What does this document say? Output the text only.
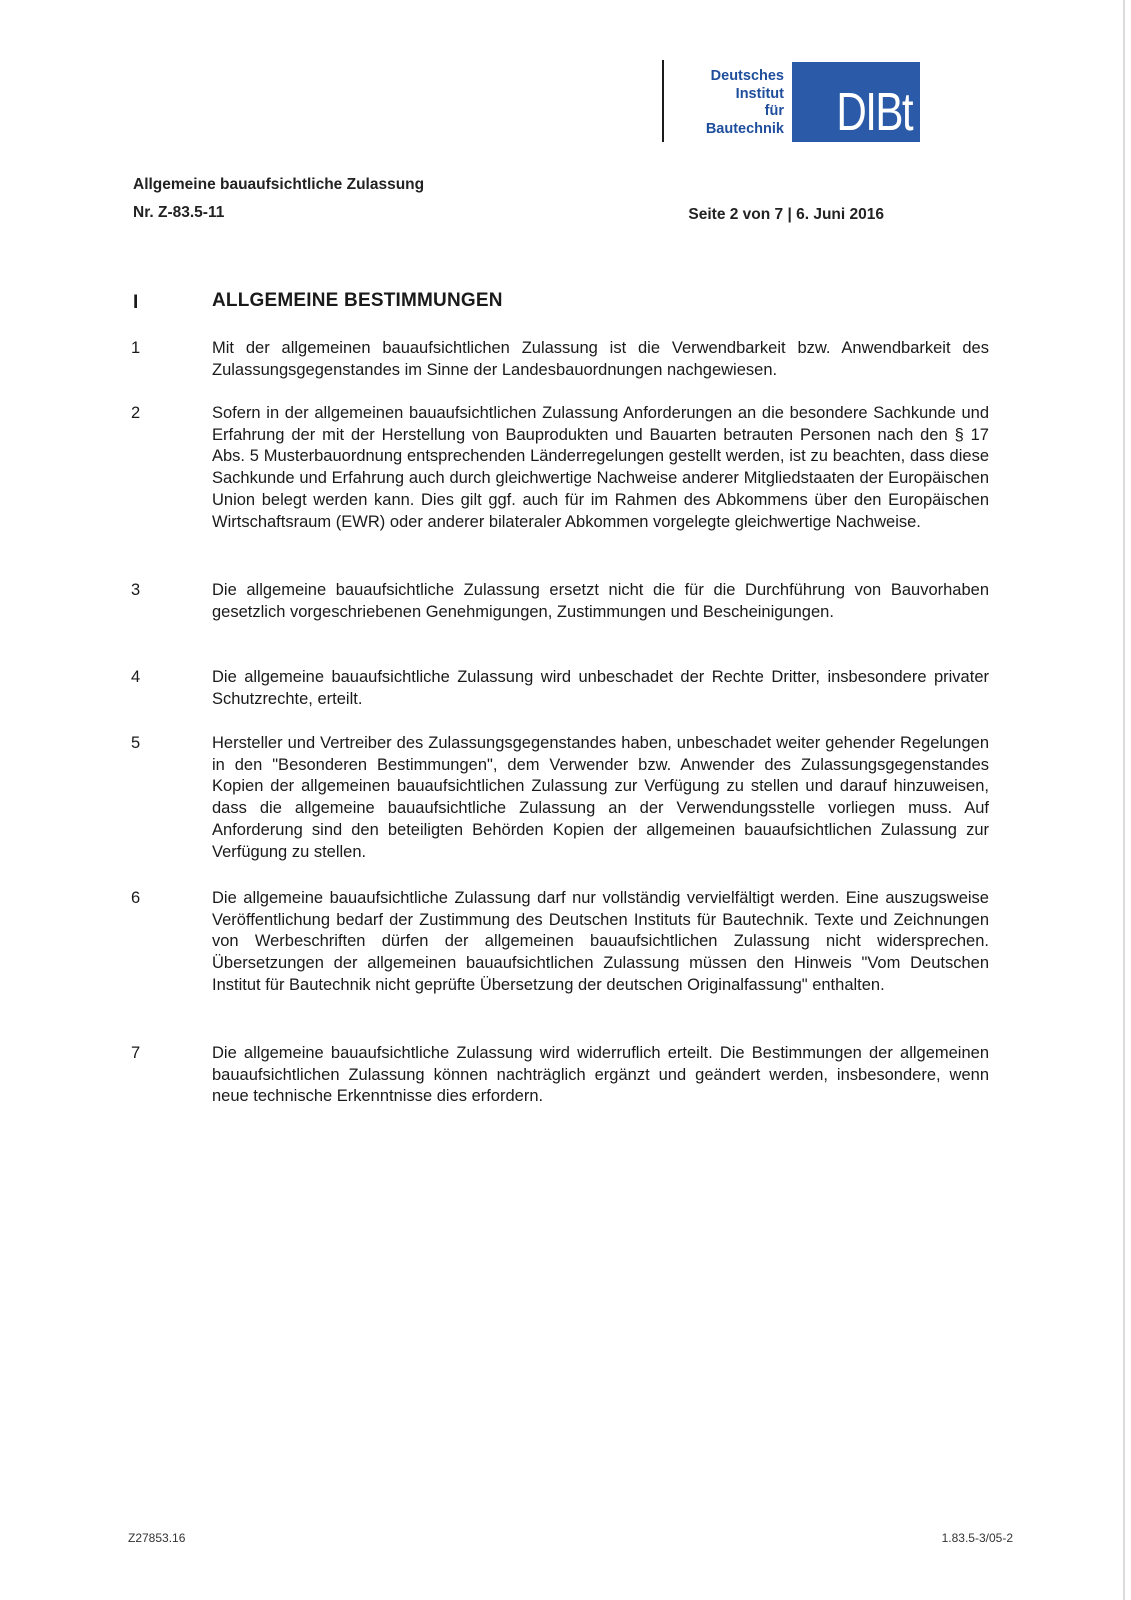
Deutsches
Institut
für
Bautechnik DIBt
Allgemeine bauaufsichtliche Zulassung
Nr. Z-83.5-11	Seite 2 von 7 | 6. Juni 2016
I	ALLGEMEINE BESTIMMUNGEN
1	Mit der allgemeinen bauaufsichtlichen Zulassung ist die Verwendbarkeit bzw. Anwendbarkeit des Zulassungsgegenstandes im Sinne der Landesbauordnungen nachgewiesen.
2	Sofern in der allgemeinen bauaufsichtlichen Zulassung Anforderungen an die besondere Sachkunde und Erfahrung der mit der Herstellung von Bauprodukten und Bauarten betrauten Personen nach den § 17 Abs. 5 Musterbauordnung entsprechenden Länderregelungen gestellt werden, ist zu beachten, dass diese Sachkunde und Erfahrung auch durch gleichwertige Nachweise anderer Mitgliedstaaten der Europäischen Union belegt werden kann. Dies gilt ggf. auch für im Rahmen des Abkommens über den Europäischen Wirtschaftsraum (EWR) oder anderer bilateraler Abkommen vorgelegte gleichwertige Nachweise.
3	Die allgemeine bauaufsichtliche Zulassung ersetzt nicht die für die Durchführung von Bauvorhaben gesetzlich vorgeschriebenen Genehmigungen, Zustimmungen und Bescheinigungen.
4	Die allgemeine bauaufsichtliche Zulassung wird unbeschadet der Rechte Dritter, insbesondere privater Schutzrechte, erteilt.
5	Hersteller und Vertreiber des Zulassungsgegenstandes haben, unbeschadet weiter gehender Regelungen in den "Besonderen Bestimmungen", dem Verwender bzw. Anwender des Zulassungsgegenstandes Kopien der allgemeinen bauaufsichtlichen Zulassung zur Verfügung zu stellen und darauf hinzuweisen, dass die allgemeine bauaufsichtliche Zulassung an der Verwendungsstelle vorliegen muss. Auf Anforderung sind den beteiligten Behörden Kopien der allgemeinen bauaufsichtlichen Zulassung zur Verfügung zu stellen.
6	Die allgemeine bauaufsichtliche Zulassung darf nur vollständig vervielfältigt werden. Eine auszugsweise Veröffentlichung bedarf der Zustimmung des Deutschen Instituts für Bautechnik. Texte und Zeichnungen von Werbeschriften dürfen der allgemeinen bauaufsichtlichen Zulassung nicht widersprechen. Übersetzungen der allgemeinen bauaufsichtlichen Zulassung müssen den Hinweis "Vom Deutschen Institut für Bautechnik nicht geprüfte Übersetzung der deutschen Originalfassung" enthalten.
7	Die allgemeine bauaufsichtliche Zulassung wird widerruflich erteilt. Die Bestimmungen der allgemeinen bauaufsichtlichen Zulassung können nachträglich ergänzt und geändert werden, insbesondere, wenn neue technische Erkenntnisse dies erfordern.
Z27853.16	1.83.5-3/05-2
